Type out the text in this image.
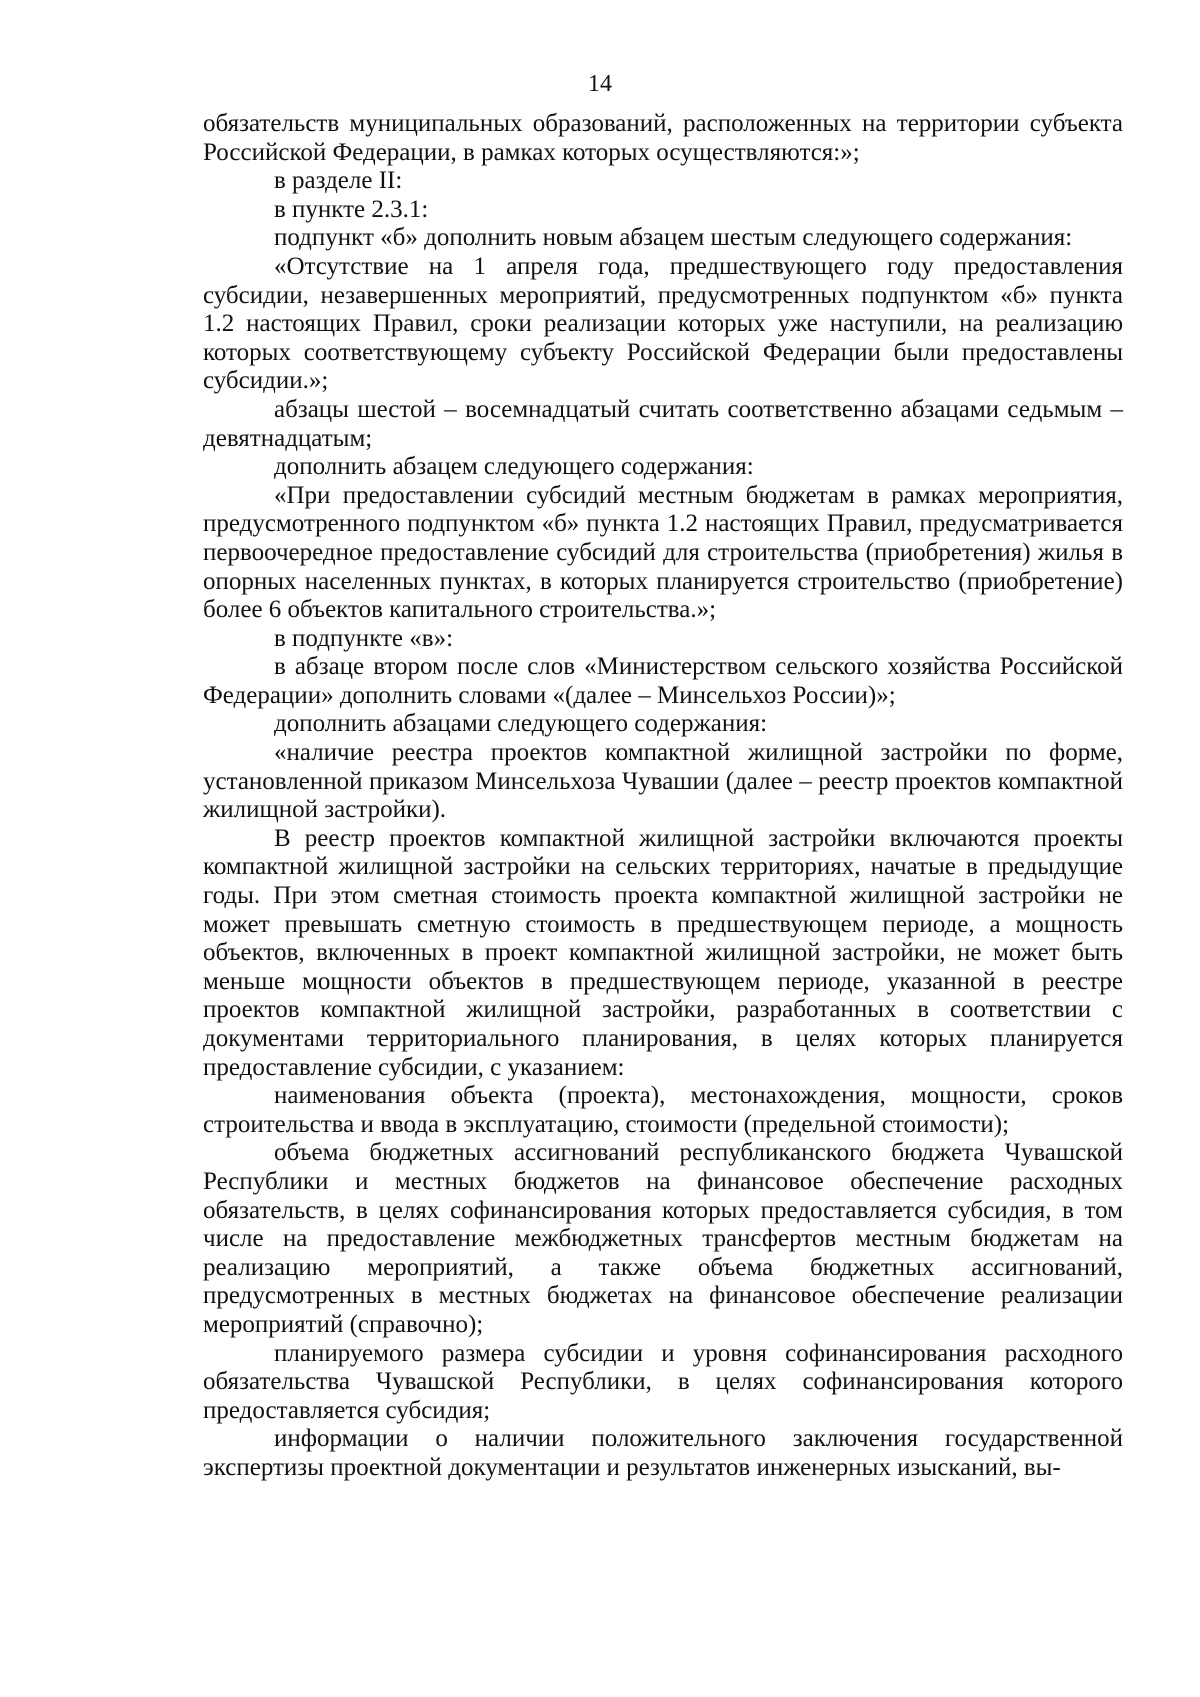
14

обязательств муниципальных образований, расположенных на территории субъекта Российской Федерации, в рамках которых осуществляются:»;

в разделе II:

в пункте 2.3.1:

подпункт «б» дополнить новым абзацем шестым следующего содержания:

«Отсутствие на 1 апреля года, предшествующего году предоставления субсидии, незавершенных мероприятий, предусмотренных подпунктом «б» пункта 1.2 настоящих Правил, сроки реализации которых уже наступили, на реализацию которых соответствующему субъекту Российской Федерации были предоставлены субсидии.»;

абзацы шестой – восемнадцатый считать соответственно абзацами седьмым – девятнадцатым;

дополнить абзацем следующего содержания:

«При предоставлении субсидий местным бюджетам в рамках мероприятия, предусмотренного подпунктом «б» пункта 1.2 настоящих Правил, предусматривается первоочередное предоставление субсидий для строительства (приобретения) жилья в опорных населенных пунктах, в которых планируется строительство (приобретение) более 6 объектов капитального строительства.»;

в подпункте «в»:

в абзаце втором после слов «Министерством сельского хозяйства Российской Федерации» дополнить словами «(далее – Минсельхоз России)»;

дополнить абзацами следующего содержания:

«наличие реестра проектов компактной жилищной застройки по форме, установленной приказом Минсельхоза Чувашии (далее – реестр проектов компактной жилищной застройки).

В реестр проектов компактной жилищной застройки включаются проекты компактной жилищной застройки на сельских территориях, начатые в предыдущие годы. При этом сметная стоимость проекта компактной жилищной застройки не может превышать сметную стоимость в предшествующем периоде, а мощность объектов, включенных в проект компактной жилищной застройки, не может быть меньше мощности объектов в предшествующем периоде, указанной в реестре проектов компактной жилищной застройки, разработанных в соответствии с документами территориального планирования, в целях которых планируется предоставление субсидии, с указанием:

наименования объекта (проекта), местонахождения, мощности, сроков строительства и ввода в эксплуатацию, стоимости (предельной стоимости);

объема бюджетных ассигнований республиканского бюджета Чувашской Республики и местных бюджетов на финансовое обеспечение расходных обязательств, в целях софинансирования которых предоставляется субсидия, в том числе на предоставление межбюджетных трансфертов местным бюджетам на реализацию мероприятий, а также объема бюджетных ассигнований, предусмотренных в местных бюджетах на финансовое обеспечение реализации мероприятий (справочно);

планируемого размера субсидии и уровня софинансирования расходного обязательства Чувашской Республики, в целях софинансирования которого предоставляется субсидия;

информации о наличии положительного заключения государственной экспертизы проектной документации и результатов инженерных изысканий, вы-
